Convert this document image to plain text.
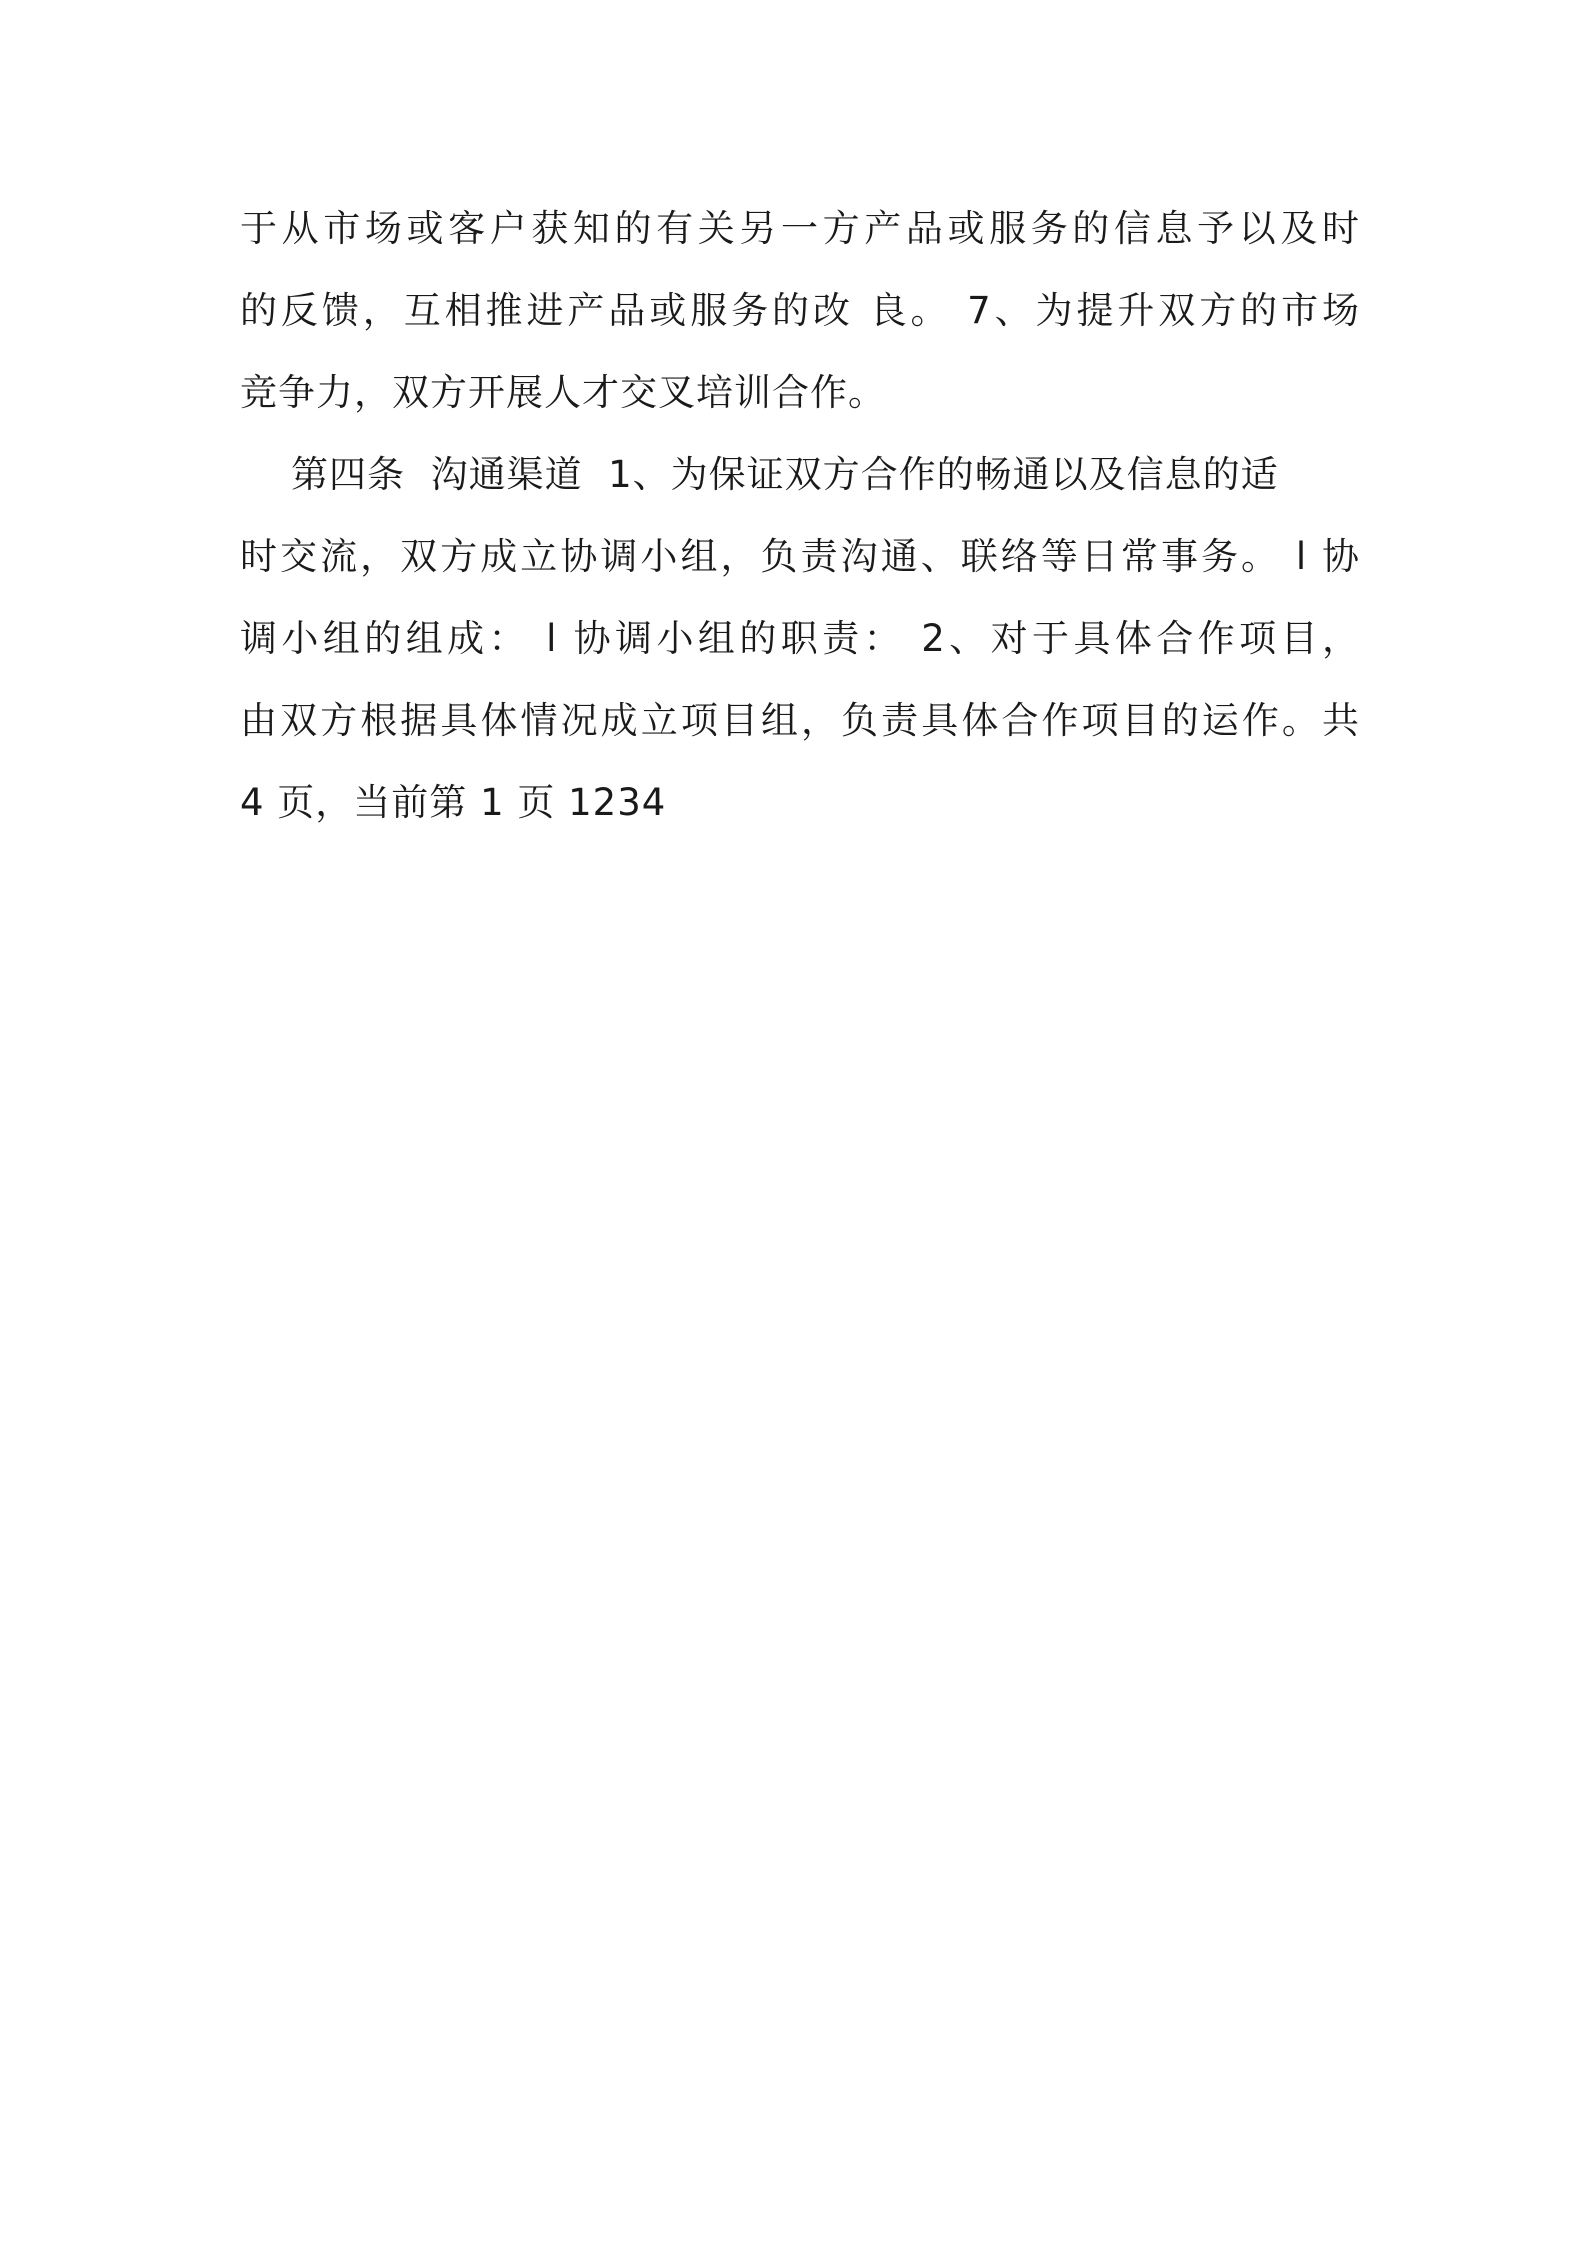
于从市场或客户获知的有关另一方产品或服务的信息予以及时
的反馈，互相推进产品或服务的改 良。 7、为提升双方的市场
竞争力，双方开展人才交叉培训合作。
第四条  沟通渠道  1、为保证双方合作的畅通以及信息的适
时交流，双方成立协调小组，负责沟通、联络等日常事务。 l 协
调小组的组成： l 协调小组的职责： 2、对于具体合作项目，
由双方根据具体情况成立项目组，负责具体合作项目的运作。共
4 页，当前第 1 页 1234
